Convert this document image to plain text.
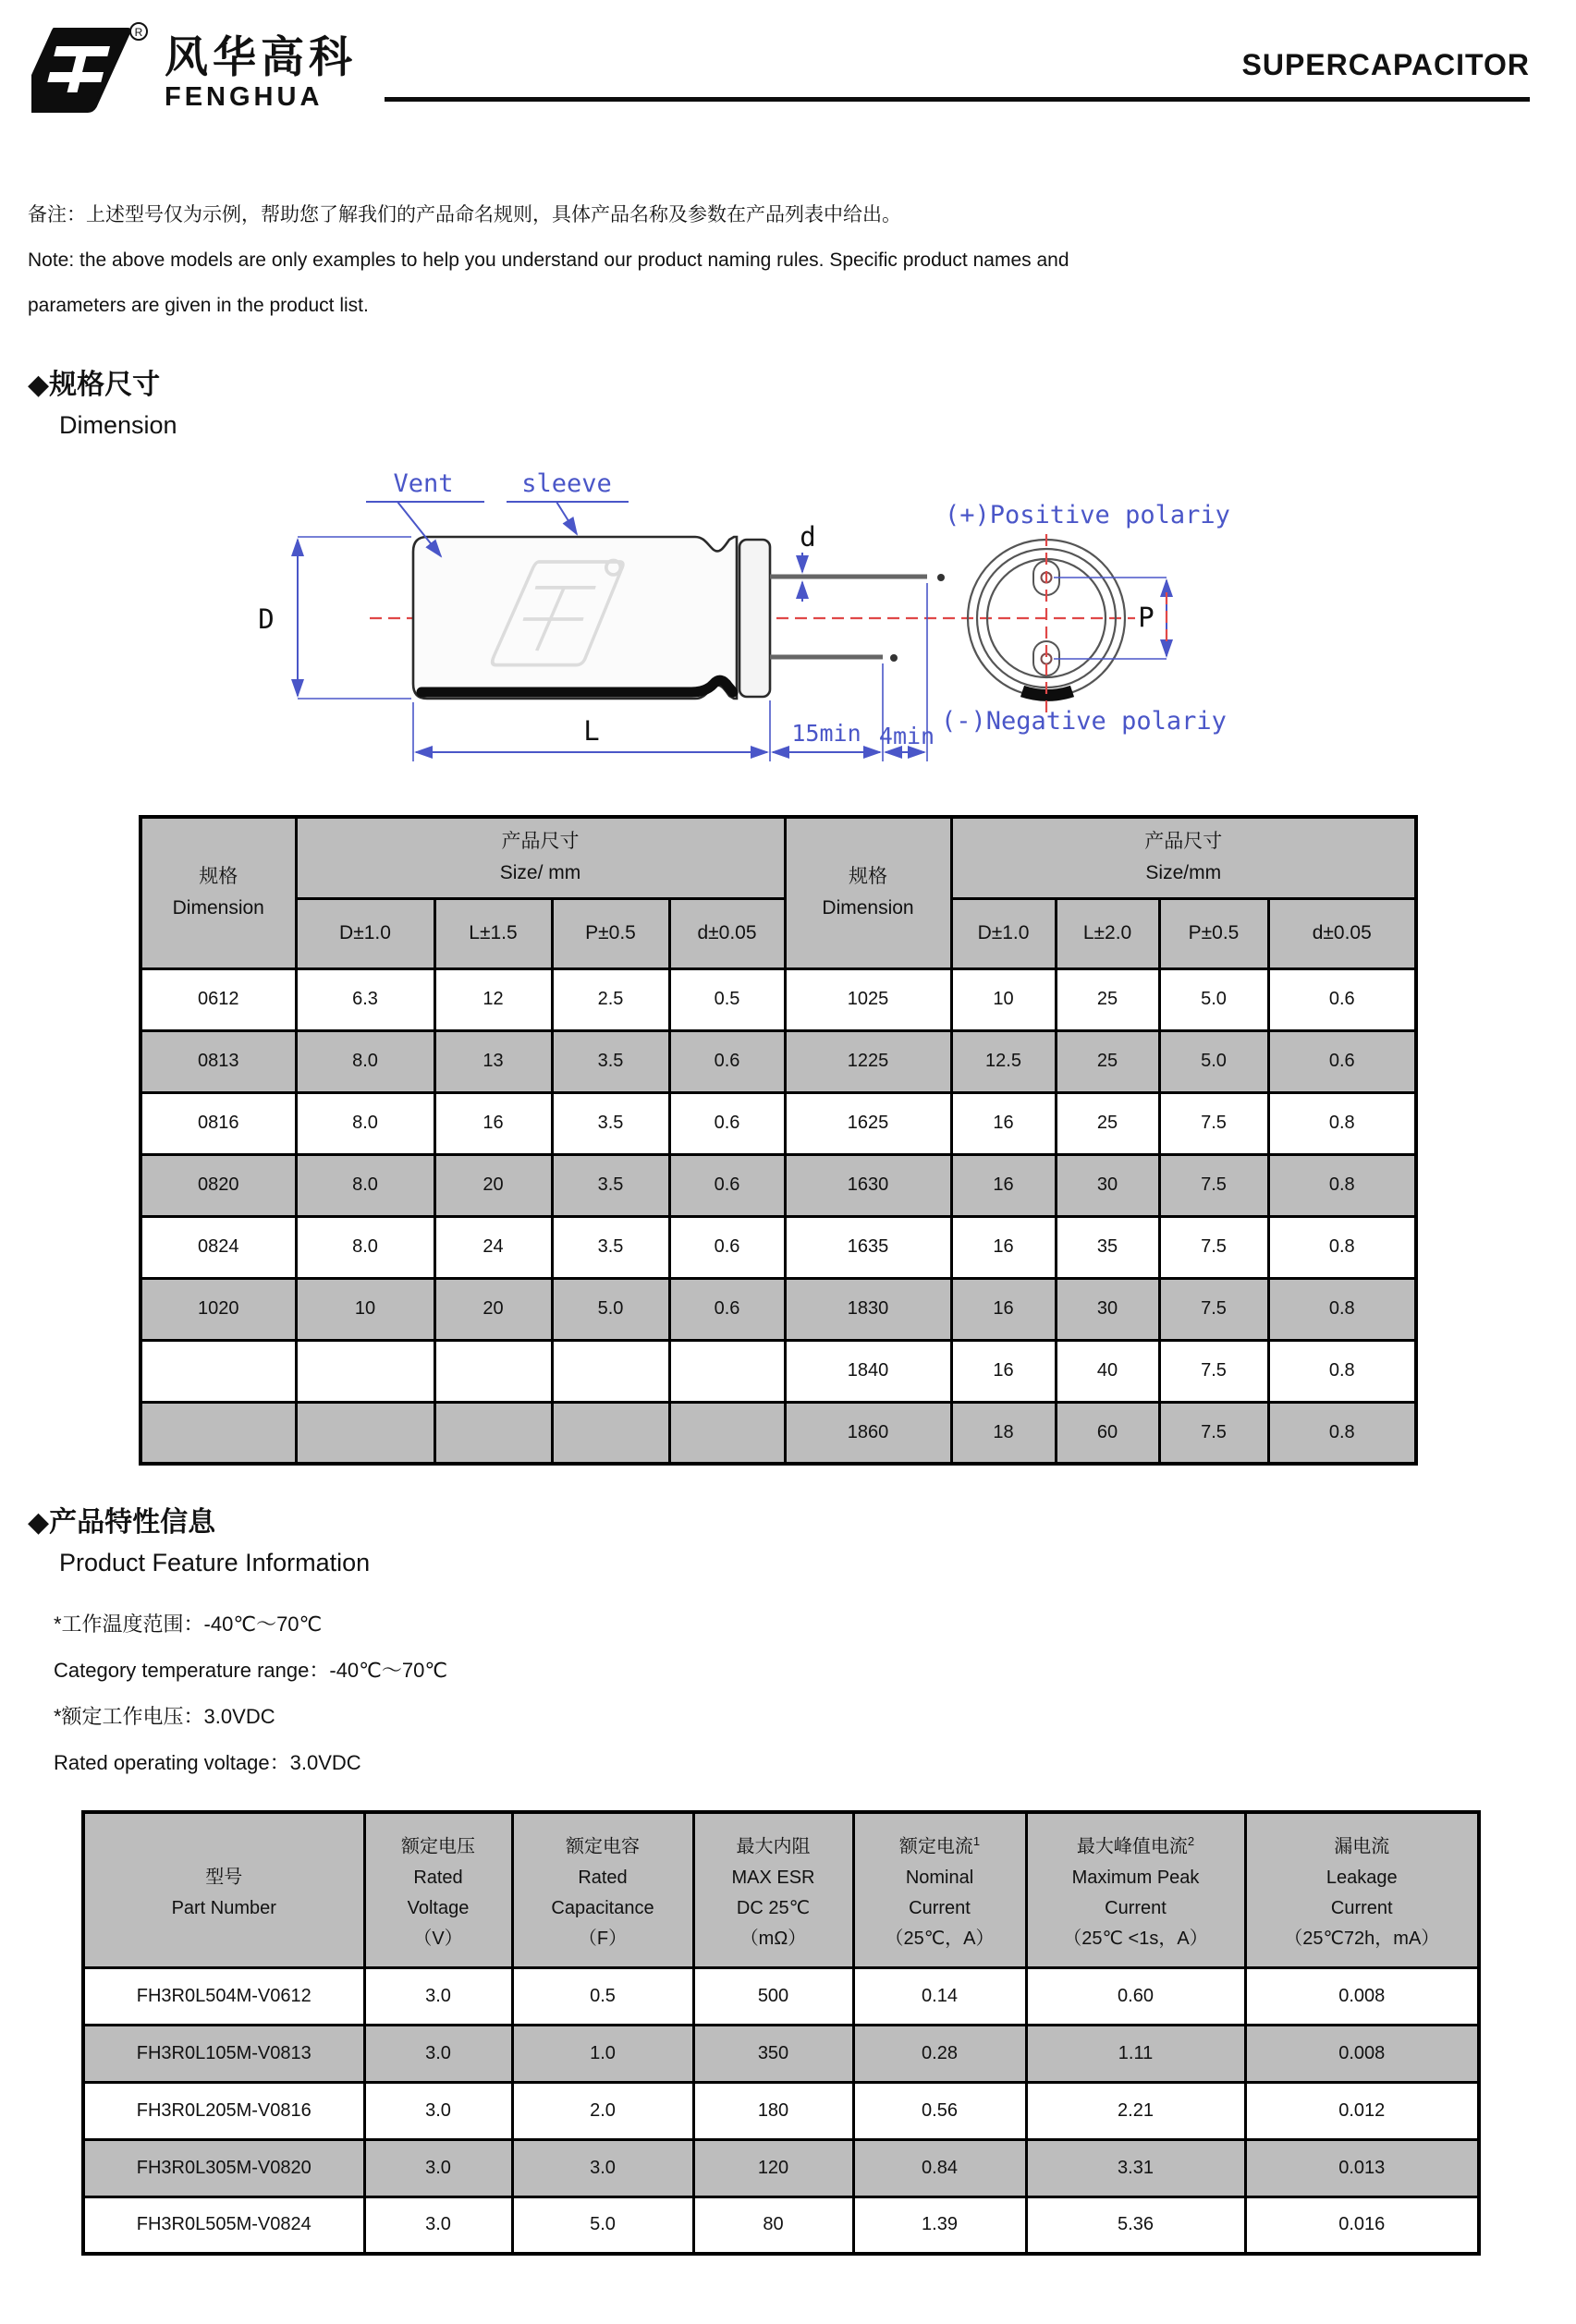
R 风华高科
FENGHUA
SUPERCAPACITOR

备注：上述型号仅为示例，帮助您了解我们的产品命名规则，具体产品名称及参数在产品列表中给出。

Note: the above models are only examples to help you understand our product naming rules. Specific product names and

parameters are given in the product list.

◆规格尺寸
Dimension
Vent	sleeve
D
d
L	15min 4min
(+)Positive polariy
(-)Negative polariy
P
规格
Dimension

产品尺寸
Size/ mm	规格
Dimension

产品尺寸
Size/mm

	D±1.0	L±1.5	P±0.5	d±0.05		D±1.0	L±2.0	P±0.5	d±0.05
0612	6.3	12	2.5	0.5	1025	10	25	5.0	0.6
0813	8.0	13	3.5	0.6	1225	12.5	25	5.0	0.6
0816	8.0	16	3.5	0.6	1625	16	25	7.5	0.8
0820	8.0	20	3.5	0.6	1630	16	30	7.5	0.8
0824	8.0	24	3.5	0.6	1635	16	35	7.5	0.8
1020	10	20	5.0	0.6	1830	16	30	7.5	0.8
					1840	16	40	7.5	0.8
					1860	18	60	7.5	0.8
◆产品特性信息
Product Feature Information

*工作温度范围：-40℃～70℃

Category temperature range：-40℃～70℃

*额定工作电压：3.0VDC

Rated operating voltage：3.0VDC

型号
Part Number

额定电压
Rated
Voltage
（V）

额定电容
Rated
Capacitance
（F）

最大内阻
MAX ESR
DC 25℃
（mΩ）

额定电流$^1$
Nominal
Current
（25℃，A）

最大峰值电流$^2$
Maximum Peak
Current
（25℃ <1s，A）

漏电流
Leakage
Current
（25℃72h，mA）

FH3R0L504M-V0612	3.0	0.5	500	0.14	0.60	0.008
FH3R0L105M-V0813	3.0	1.0	350	0.28	1.11	0.008
FH3R0L205M-V0816	3.0	2.0	180	0.56	2.21	0.012
FH3R0L305M-V0820	3.0	3.0	120	0.84	3.31	0.013
FH3R0L505M-V0824	3.0	5.0	80	1.39	5.36	0.016
